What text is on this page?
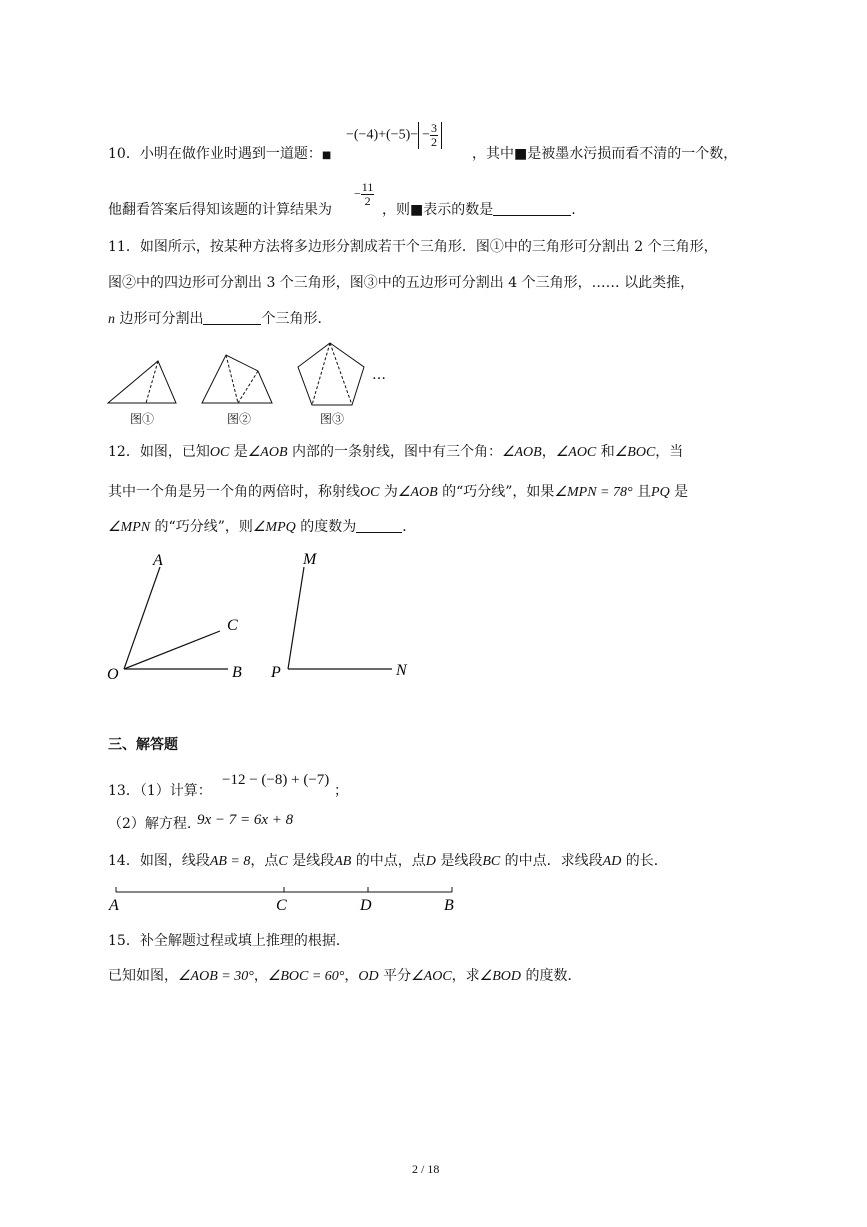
10．小明在做作业时遇到一道题：■
$-(-4)+(-5)- - \frac{3}{2}$
，其中■是被墨水污损而看不清的一个数，
他翻看答案后得知该题的计算结果为
− $\frac{11}{2}$
，则■表示的数是	.
11．如图所示，按某种方法将多边形分割成若干个三角形．图①中的三角形可分割出 2 个三角形，
图②中的四边形可分割出 3 个三角形，图③中的五边形可分割出 4 个三角形，…… 以此类推，
n 边形可分割出	个三角形．
…
图①	图②	图③
12．如图，已知OC 是∠AOB 内部的一条射线，图中有三个角：∠AOB，∠AOC 和∠BOC，当
其中一个角是另一个角的两倍时，称射线OC 为∠AOB 的“巧分线”，如果∠MPN = 78° 且PQ 是
∠MPN 的“巧分线”，则∠MPQ 的度数为	．
A
C
O	B
M
P	N
三、解答题
13．（1）计算：
−12 − (−8) + (−7)
；
（2）解方程. 9x − 7 = 6x + 8
14．如图，线段AB = 8，点C 是线段AB 的中点，点D 是线段BC 的中点．求线段AD 的长．
A	C	D	B
15．补全解题过程或填上推理的根据．
已知如图，∠AOB = 30°，∠BOC = 60°，OD 平分∠AOC，求∠BOD 的度数．
2 / 18
